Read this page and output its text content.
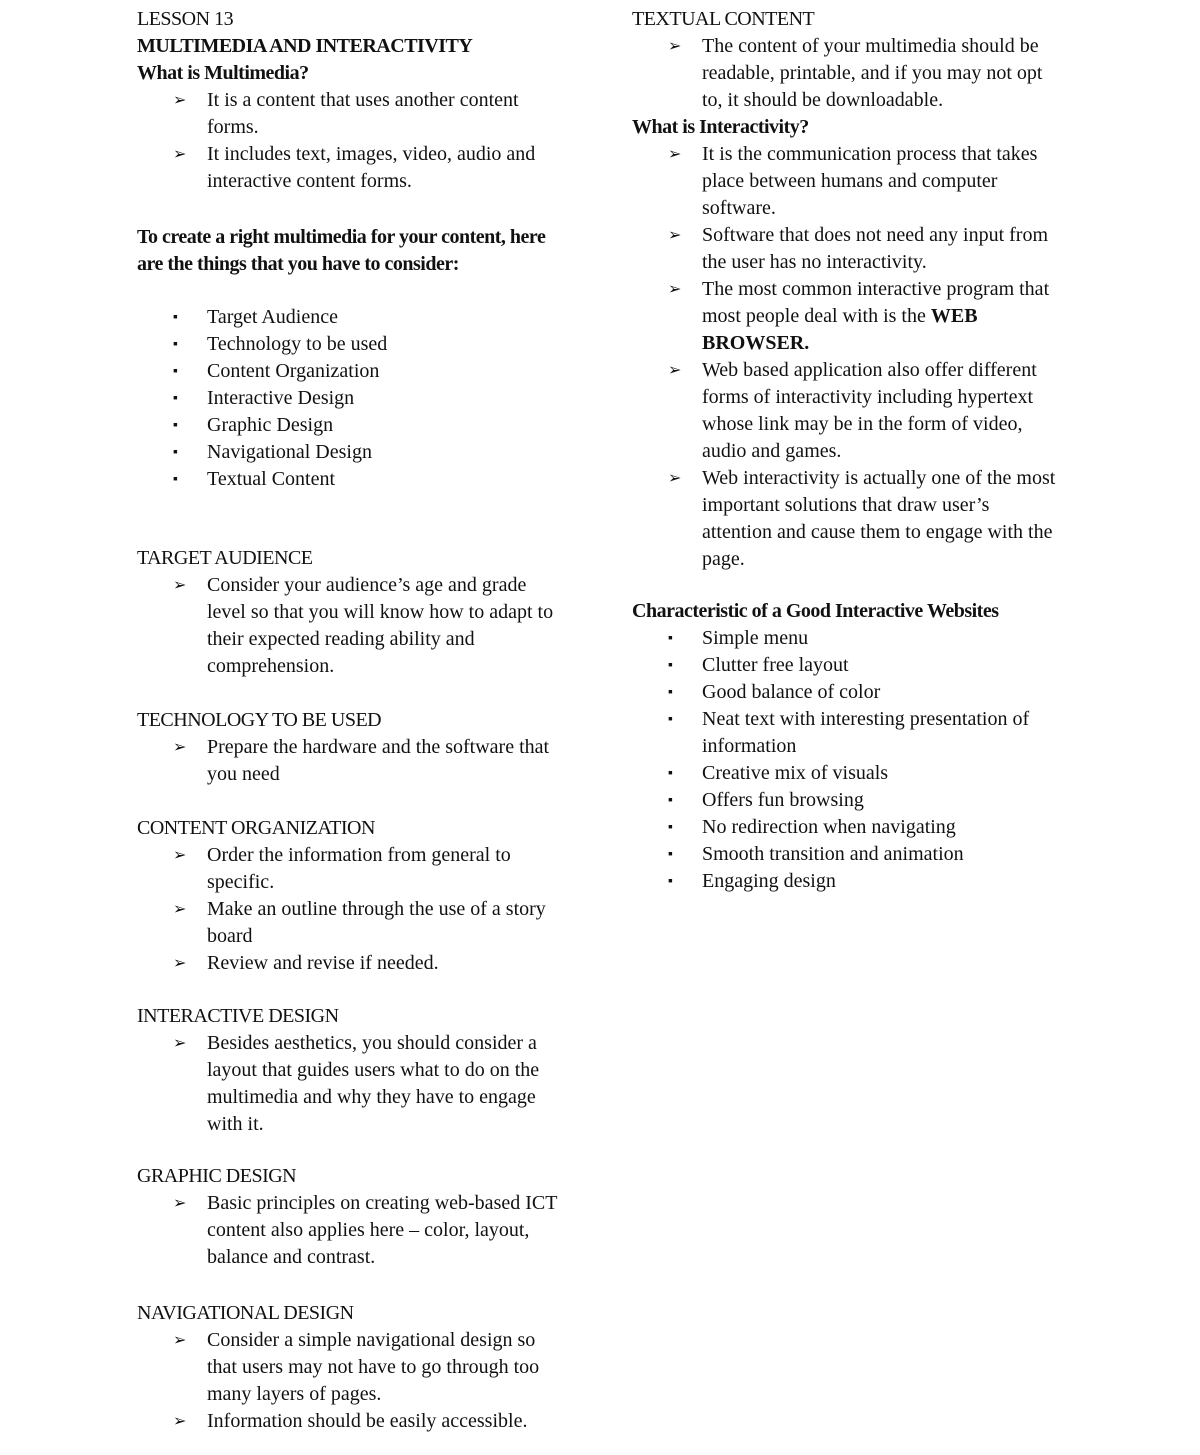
LESSON 13
MULTIMEDIA AND INTERACTIVITY
What is Multimedia?
➢ It is a content that uses another content forms.
➢ It includes text, images, video, audio and interactive content forms.
To create a right multimedia for your content, here are the things that you have to consider:
▪ Target Audience
▪ Technology to be used
▪ Content Organization
▪ Interactive Design
▪ Graphic Design
▪ Navigational Design
▪ Textual Content
TARGET AUDIENCE
➢ Consider your audience’s age and grade level so that you will know how to adapt to their expected reading ability and comprehension.
TECHNOLOGY TO BE USED
➢ Prepare the hardware and the software that you need
CONTENT ORGANIZATION
➢ Order the information from general to specific.
➢ Make an outline through the use of a story board
➢ Review and revise if needed.
INTERACTIVE DESIGN
➢ Besides aesthetics, you should consider a layout that guides users what to do on the multimedia and why they have to engage with it.
GRAPHIC DESIGN
➢ Basic principles on creating web-based ICT content also applies here – color, layout, balance and contrast.
NAVIGATIONAL DESIGN
➢ Consider a simple navigational design so that users may not have to go through too many layers of pages.
➢ Information should be easily accessible.
TEXTUAL CONTENT
➢ The content of your multimedia should be readable, printable, and if you may not opt to, it should be downloadable.
What is Interactivity?
➢ It is the communication process that takes place between humans and computer software.
➢ Software that does not need any input from the user has no interactivity.
➢ The most common interactive program that most people deal with is the WEB BROWSER.
➢ Web based application also offer different forms of interactivity including hypertext whose link may be in the form of video, audio and games.
➢ Web interactivity is actually one of the most important solutions that draw user’s attention and cause them to engage with the page.
Characteristic of a Good Interactive Websites
▪ Simple menu
▪ Clutter free layout
▪ Good balance of color
▪ Neat text with interesting presentation of information
▪ Creative mix of visuals
▪ Offers fun browsing
▪ No redirection when navigating
▪ Smooth transition and animation
▪ Engaging design
